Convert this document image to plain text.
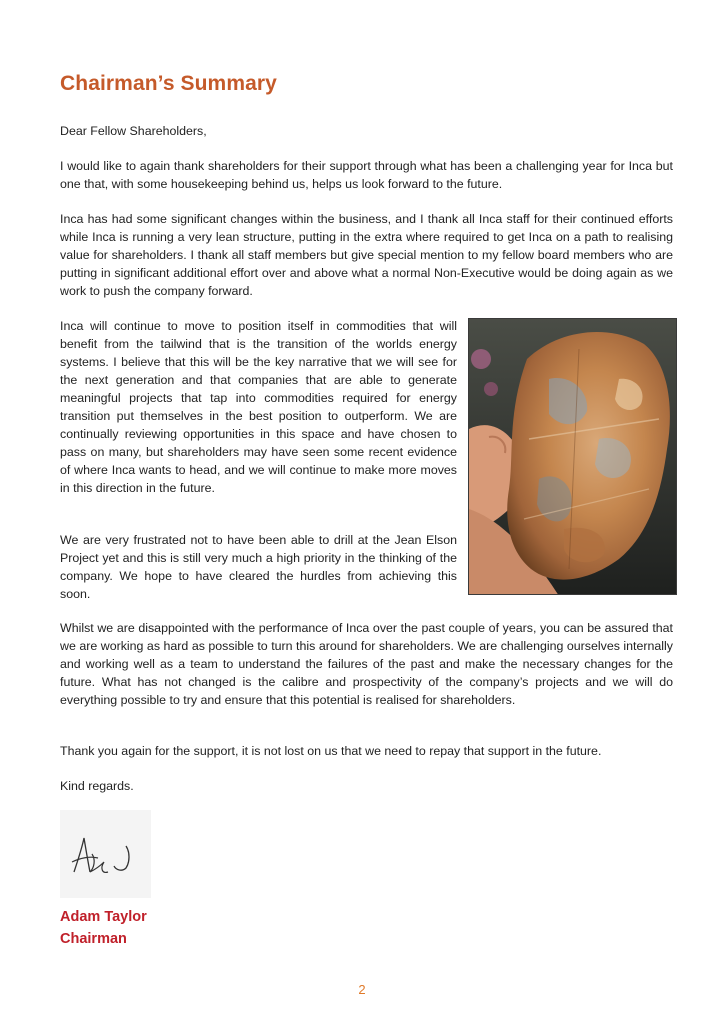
Chairman’s Summary

Dear Fellow Shareholders,

I would like to again thank shareholders for their support through what has been a challenging year for Inca but one that, with some housekeeping behind us, helps us look forward to the future.

Inca has had some significant changes within the business, and I thank all Inca staff for their continued efforts while Inca is running a very lean structure, putting in the extra where required to get Inca on a path to realising value for shareholders. I thank all staff members but give special mention to my fellow board members who are putting in significant additional effort over and above what a normal Non-Executive would be doing again as we work to push the company forward.

Inca will continue to move to position itself in commodities that will benefit from the tailwind that is the transition of the worlds energy systems. I believe that this will be the key narrative that we will see for the next generation and that companies that are able to generate meaningful projects that tap into commodities required for energy transition put themselves in the best position to outperform. We are continually reviewing opportunities in this space and have chosen to pass on many, but shareholders may have seen some recent evidence of where Inca wants to head, and we will continue to make more moves in this direction in the future.

We are very frustrated not to have been able to drill at the Jean Elson Project yet and this is still very much a high priority in the thinking of the company. We hope to have cleared the hurdles from achieving this soon.

Whilst we are disappointed with the performance of Inca over the past couple of years, you can be assured that we are working as hard as possible to turn this around for shareholders. We are challenging ourselves internally and working well as a team to understand the failures of the past and make the necessary changes for the future. What has not changed is the calibre and prospectivity of the company’s projects and we will do everything possible to try and ensure that this potential is realised for shareholders.

Thank you again for the support, it is not lost on us that we need to repay that support in the future.

Kind regards.

Adam Taylor

Chairman

2
